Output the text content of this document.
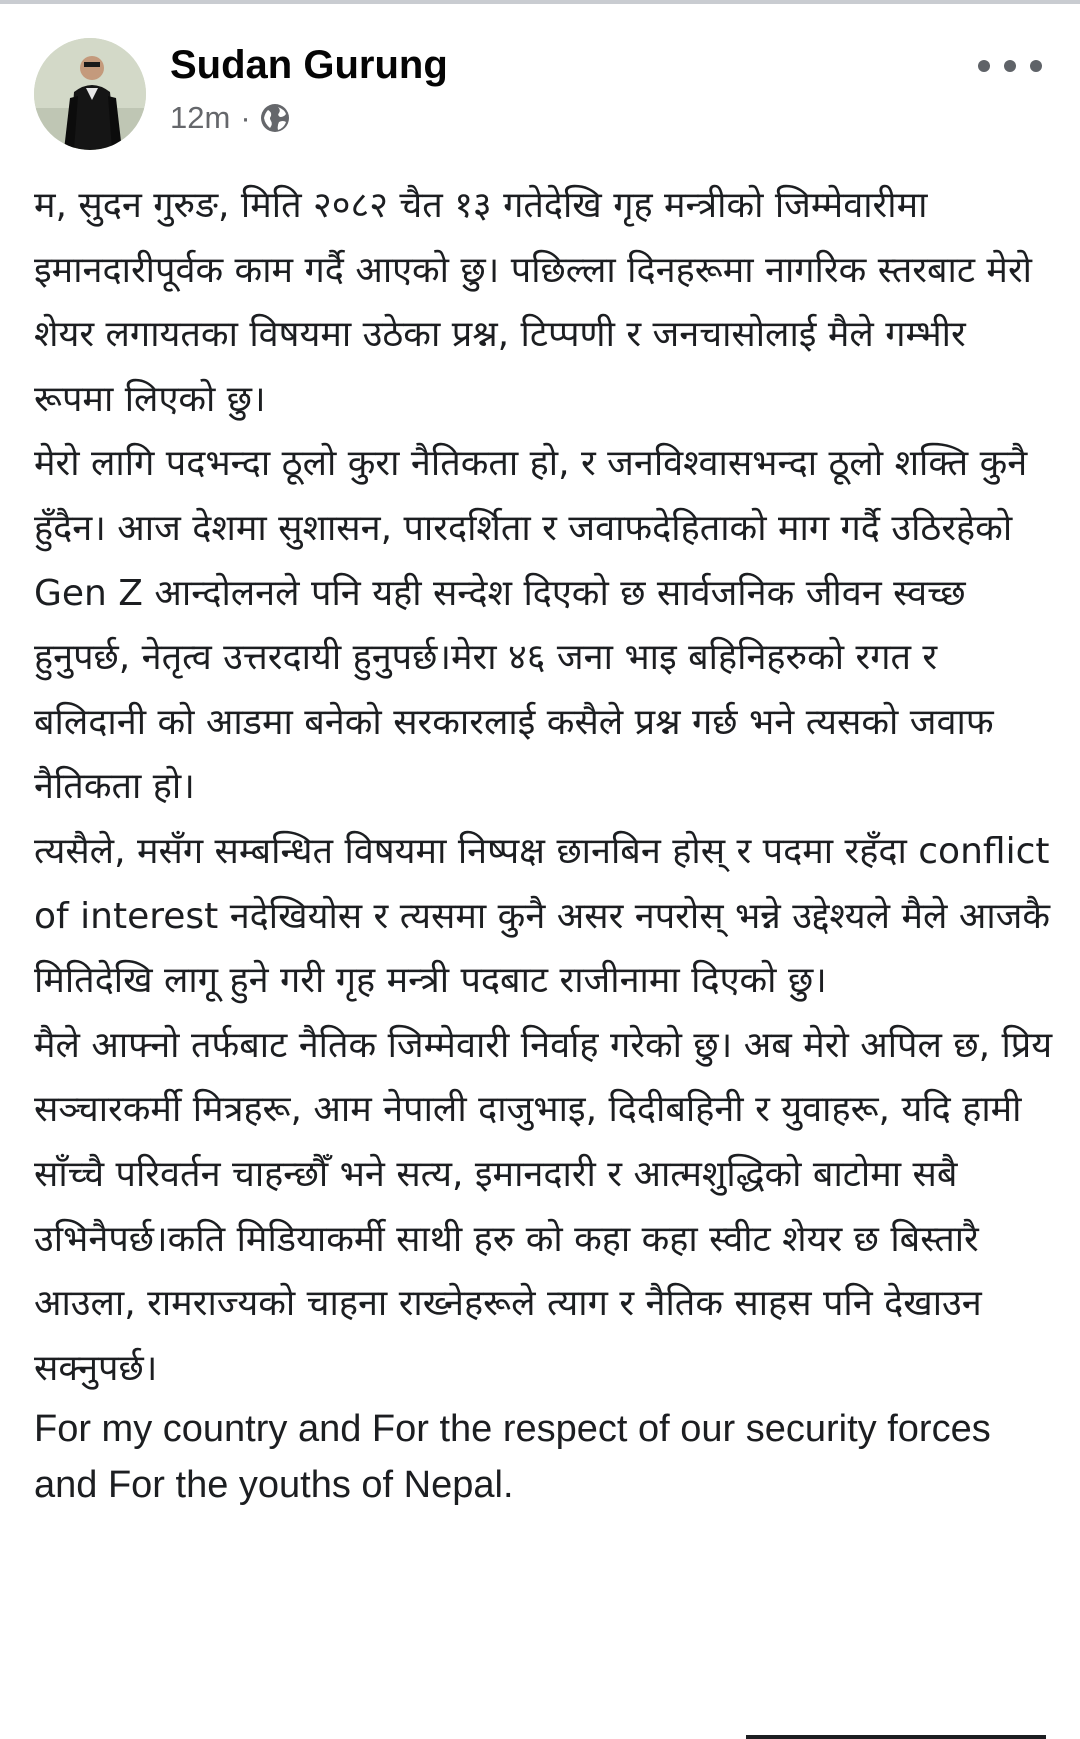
Sudan Gurung
12m ·

म, सुदन गुरुङ, मिति २०८२ चैत १३ गतेदेखि गृह मन्त्रीको जिम्मेवारीमा इमानदारीपूर्वक काम गर्दै आएको छु। पछिल्ला दिनहरूमा नागरिक स्तरबाट मेरो शेयर लगायतका विषयमा उठेका प्रश्न, टिप्पणी र जनचासोलाई मैले गम्भीर रूपमा लिएको छु।

मेरो लागि पदभन्दा ठूलो कुरा नैतिकता हो, र जनविश्वासभन्दा ठूलो शक्ति कुनै हुँदैन। आज देशमा सुशासन, पारदर्शिता र जवाफदेहिताको माग गर्दै उठिरहेको Gen Z आन्दोलनले पनि यही सन्देश दिएको छ सार्वजनिक जीवन स्वच्छ हुनुपर्छ, नेतृत्व उत्तरदायी हुनुपर्छ।मेरा ४६ जना भाइ बहिनिहरुको रगत र बलिदानी को आडमा बनेको सरकारलाई कसैले प्रश्न गर्छ भने त्यसको जवाफ नैतिकता हो।

त्यसैले, मसँग सम्बन्धित विषयमा निष्पक्ष छानबिन होस् र पदमा रहँदा conflict of interest नदेखियोस र त्यसमा कुनै असर नपरोस् भन्ने उद्देश्यले मैले आजकै मितिदेखि लागू हुने गरी गृह मन्त्री पदबाट राजीनामा दिएको छु।

मैले आफ्नो तर्फबाट नैतिक जिम्मेवारी निर्वाह गरेको छु। अब मेरो अपिल छ, प्रिय सञ्चारकर्मी मित्रहरू, आम नेपाली दाजुभाइ, दिदीबहिनी र युवाहरू, यदि हामी साँच्चै परिवर्तन चाहन्छौँ भने सत्य, इमानदारी र आत्मशुद्धिको बाटोमा सबै उभिनैपर्छ।कति मिडियाकर्मी साथी हरु को कहा कहा स्वीट शेयर छ बिस्तारै आउला, रामराज्यको चाहना राख्नेहरूले त्याग र नैतिक साहस पनि देखाउन सक्नुपर्छ।

For my country and For the respect of our security forces and For the youths of Nepal.
